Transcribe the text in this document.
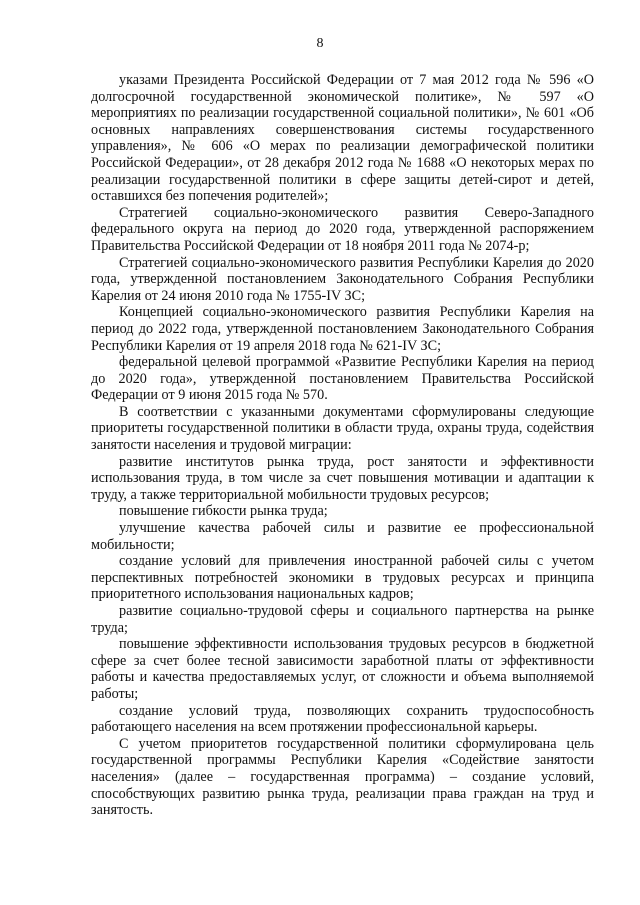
8

указами Президента Российской Федерации от 7 мая 2012 года № 596 «О долгосрочной государственной экономической политике», № 597 «О мероприятиях по реализации государственной социальной политики», № 601 «Об основных направлениях совершенствования системы государственного управления», № 606 «О мерах по реализации демографической политики Российской Федерации», от 28 декабря 2012 года № 1688 «О некоторых мерах по реализации государственной политики в сфере защиты детей-сирот и детей, оставшихся без попечения родителей»;

Стратегией социально-экономического развития Северо-Западного федерального округа на период до 2020 года, утвержденной распоряжением Правительства Российской Федерации от 18 ноября 2011 года № 2074-р;

Стратегией социально-экономического развития Республики Карелия до 2020 года, утвержденной постановлением Законодательного Собрания Республики Карелия от 24 июня 2010 года № 1755-IV ЗС;

Концепцией социально-экономического развития Республики Карелия на период до 2022 года, утвержденной постановлением Законодательного Собрания Республики Карелия от 19 апреля 2018 года № 621-IV ЗС;

федеральной целевой программой «Развитие Республики Карелия на период до 2020 года», утвержденной постановлением Правительства Российской Федерации от 9 июня 2015 года № 570.

В соответствии с указанными документами сформулированы следующие приоритеты государственной политики в области труда, охраны труда, содействия занятости населения и трудовой миграции:

развитие институтов рынка труда, рост занятости и эффективности использования труда, в том числе за счет повышения мотивации и адаптации к труду, а также территориальной мобильности трудовых ресурсов;

повышение гибкости рынка труда;

улучшение качества рабочей силы и развитие ее профессиональной мобильности;

создание условий для привлечения иностранной рабочей силы с учетом перспективных потребностей экономики в трудовых ресурсах и принципа приоритетного использования национальных кадров;

развитие социально-трудовой сферы и социального партнерства на рынке труда;

повышение эффективности использования трудовых ресурсов в бюджетной сфере за счет более тесной зависимости заработной платы от эффективности работы и качества предоставляемых услуг, от сложности и объема выполняемой работы;

создание условий труда, позволяющих сохранить трудоспособность работающего населения на всем протяжении профессиональной карьеры.

С учетом приоритетов государственной политики сформулирована цель государственной программы Республики Карелия «Содействие занятости населения» (далее – государственная программа) – создание условий, способствующих развитию рынка труда, реализации права граждан на труд и занятость.
